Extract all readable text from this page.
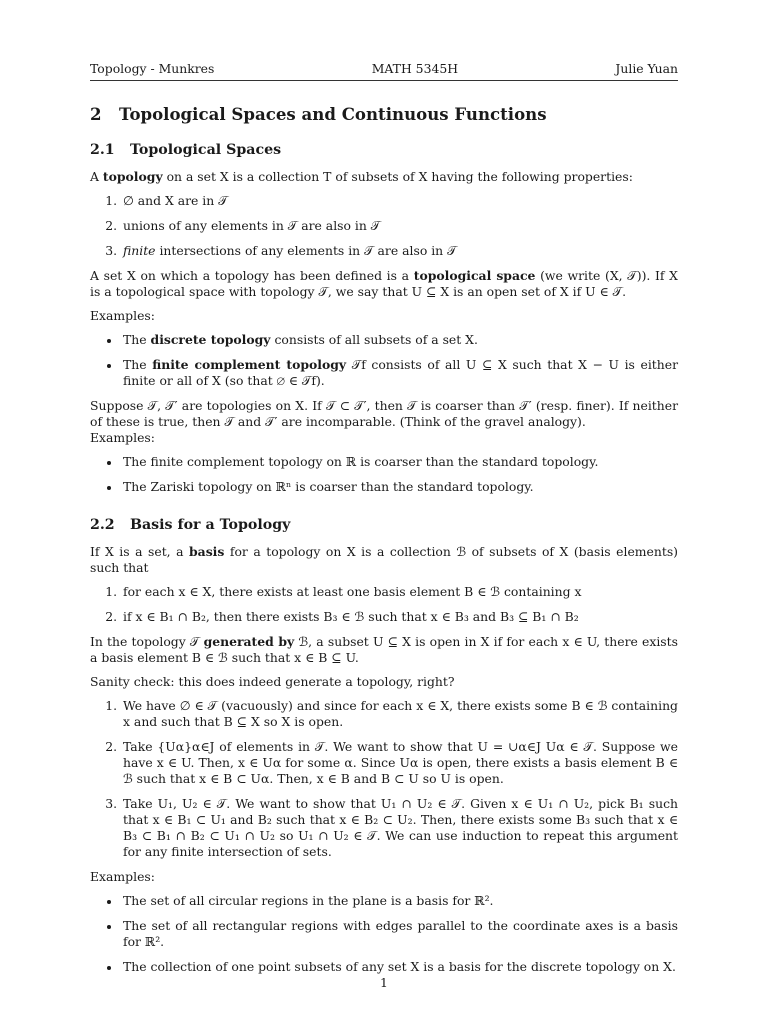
Topology - Munkres	MATH 5345H	Julie Yuan
2 Topological Spaces and Continuous Functions
2.1 Topological Spaces

A topology on a set X is a collection T of subsets of X having the following properties:

1. ∅ and X are in 𝒯
2. unions of any elements in 𝒯 are also in 𝒯
3. finite intersections of any elements in 𝒯 are also in 𝒯

A set X on which a topology has been defined is a topological space (we write (X, 𝒯)). If X is a topological space with topology 𝒯, we say that U ⊆ X is an open set of X if U ∈ 𝒯.

Examples:

• The discrete topology consists of all subsets of a set X.
• The finite complement topology 𝒯f consists of all U ⊆ X such that X − U is either finite or all of X (so that ∅ ∈ 𝒯f).

Suppose 𝒯, 𝒯′ are topologies on X. If 𝒯 ⊂ 𝒯′, then 𝒯 is coarser than 𝒯′ (resp. finer). If neither of these is true, then 𝒯 and 𝒯′ are incomparable. (Think of the gravel analogy).

Examples:

• The finite complement topology on ℝ is coarser than the standard topology.
• The Zariski topology on ℝⁿ is coarser than the standard topology.
2.2 Basis for a Topology

If X is a set, a basis for a topology on X is a collection ℬ of subsets of X (basis elements) such that

1. for each x ∈ X, there exists at least one basis element B ∈ ℬ containing x
2. if x ∈ B₁ ∩ B₂, then there exists B₃ ∈ ℬ such that x ∈ B₃ and B₃ ⊆ B₁ ∩ B₂

In the topology 𝒯 generated by ℬ, a subset U ⊆ X is open in X if for each x ∈ U, there exists a basis element B ∈ ℬ such that x ∈ B ⊆ U.

Sanity check: this does indeed generate a topology, right?

1. We have ∅ ∈ 𝒯 (vacuously) and since for each x ∈ X, there exists some B ∈ ℬ containing x and such that B ⊆ X so X is open.
2. Take {Uα}α∈J of elements in 𝒯. We want to show that U = ∪α∈J Uα ∈ 𝒯. Suppose we have x ∈ U. Then, x ∈ Uα for some α. Since Uα is open, there exists a basis element B ∈ ℬ such that x ∈ B ⊂ Uα. Then, x ∈ B and B ⊂ U so U is open.
3. Take U₁, U₂ ∈ 𝒯. We want to show that U₁ ∩ U₂ ∈ 𝒯. Given x ∈ U₁ ∩ U₂, pick B₁ such that x ∈ B₁ ⊂ U₁ and B₂ such that x ∈ B₂ ⊂ U₂. Then, there exists some B₃ such that x ∈ B₃ ⊂ B₁ ∩ B₂ ⊂ U₁ ∩ U₂ so U₁ ∩ U₂ ∈ 𝒯. We can use induction to repeat this argument for any finite intersection of sets.

Examples:

• The set of all circular regions in the plane is a basis for ℝ².
• The set of all rectangular regions with edges parallel to the coordinate axes is a basis for ℝ².
• The collection of one point subsets of any set X is a basis for the discrete topology on X.
1
